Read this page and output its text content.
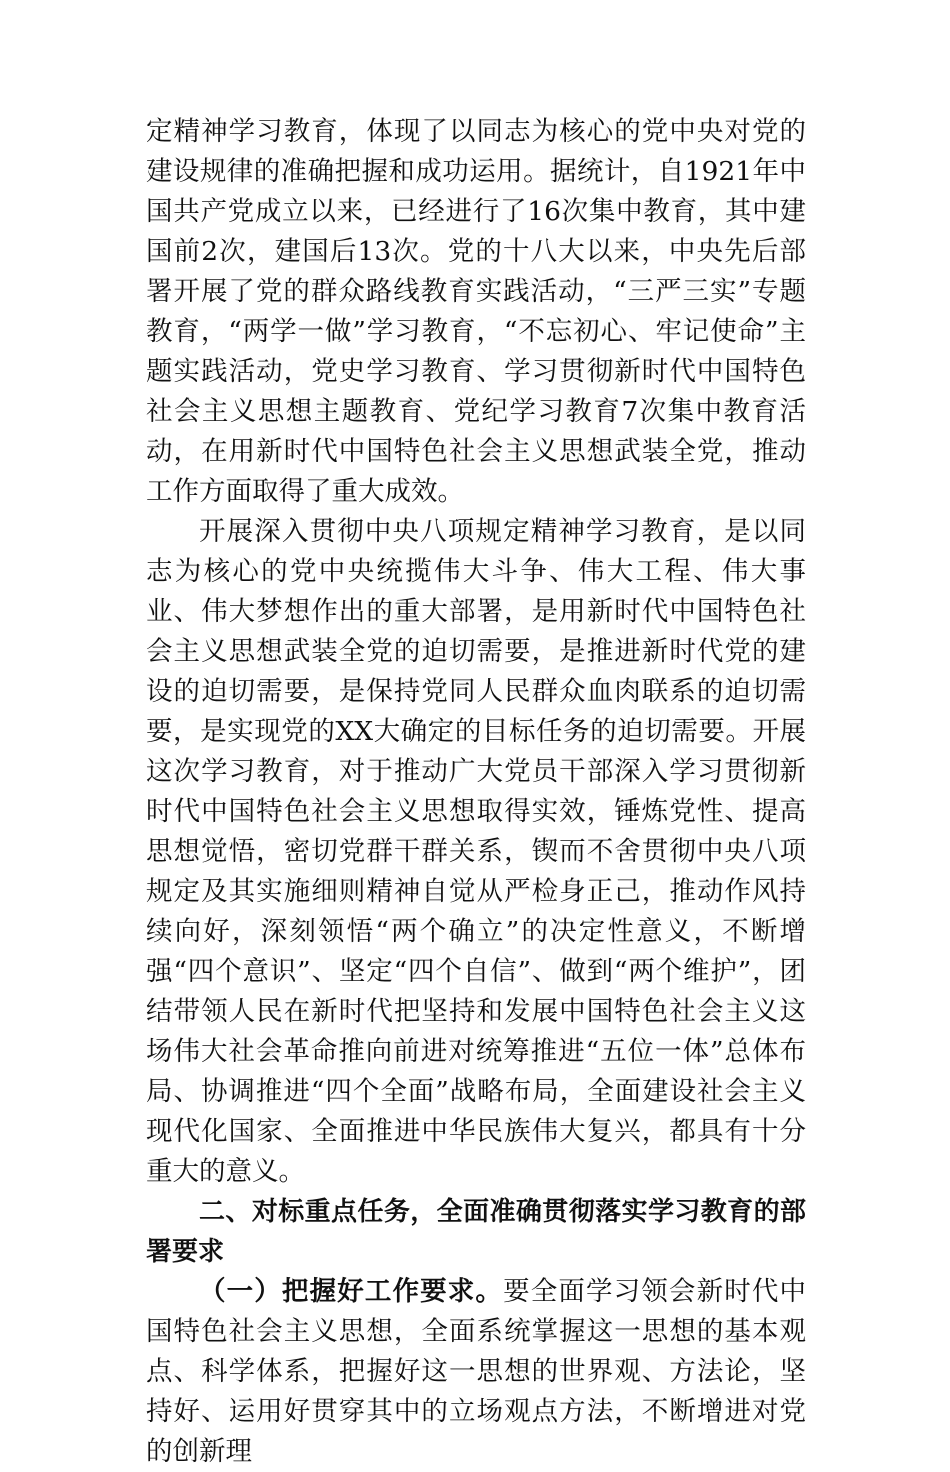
定精神学习教育，体现了以同志为核心的党中央对党的建设规律的准确把握和成功运用。据统计，自1921年中国共产党成立以来，已经进行了16次集中教育，其中建国前2次，建国后13次。党的十八大以来，中央先后部署开展了党的群众路线教育实践活动，“三严三实”专题教育，“两学一做”学习教育，“不忘初心、牢记使命”主题实践活动，党史学习教育、学习贯彻新时代中国特色社会主义思想主题教育、党纪学习教育7次集中教育活动，在用新时代中国特色社会主义思想武装全党，推动工作方面取得了重大成效。

开展深入贯彻中央八项规定精神学习教育，是以同志为核心的党中央统揽伟大斗争、伟大工程、伟大事业、伟大梦想作出的重大部署，是用新时代中国特色社会主义思想武装全党的迫切需要，是推进新时代党的建设的迫切需要，是保持党同人民群众血肉联系的迫切需要，是实现党的XX大确定的目标任务的迫切需要。开展这次学习教育，对于推动广大党员干部深入学习贯彻新时代中国特色社会主义思想取得实效，锤炼党性、提高思想觉悟，密切党群干群关系，锲而不舍贯彻中央八项规定及其实施细则精神自觉从严检身正己，推动作风持续向好，深刻领悟“两个确立”的决定性意义，不断增强“四个意识”、坚定“四个自信”、做到“两个维护”，团结带领人民在新时代把坚持和发展中国特色社会主义这场伟大社会革命推向前进对统筹推进“五位一体”总体布局、协调推进“四个全面”战略布局，全面建设社会主义现代化国家、全面推进中华民族伟大复兴，都具有十分重大的意义。

二、对标重点任务，全面准确贯彻落实学习教育的部署要求

（一）把握好工作要求。要全面学习领会新时代中国特色社会主义思想，全面系统掌握这一思想的基本观点、科学体系，把握好这一思想的世界观、方法论，坚持好、运用好贯穿其中的立场观点方法，不断增进对党的创新理
